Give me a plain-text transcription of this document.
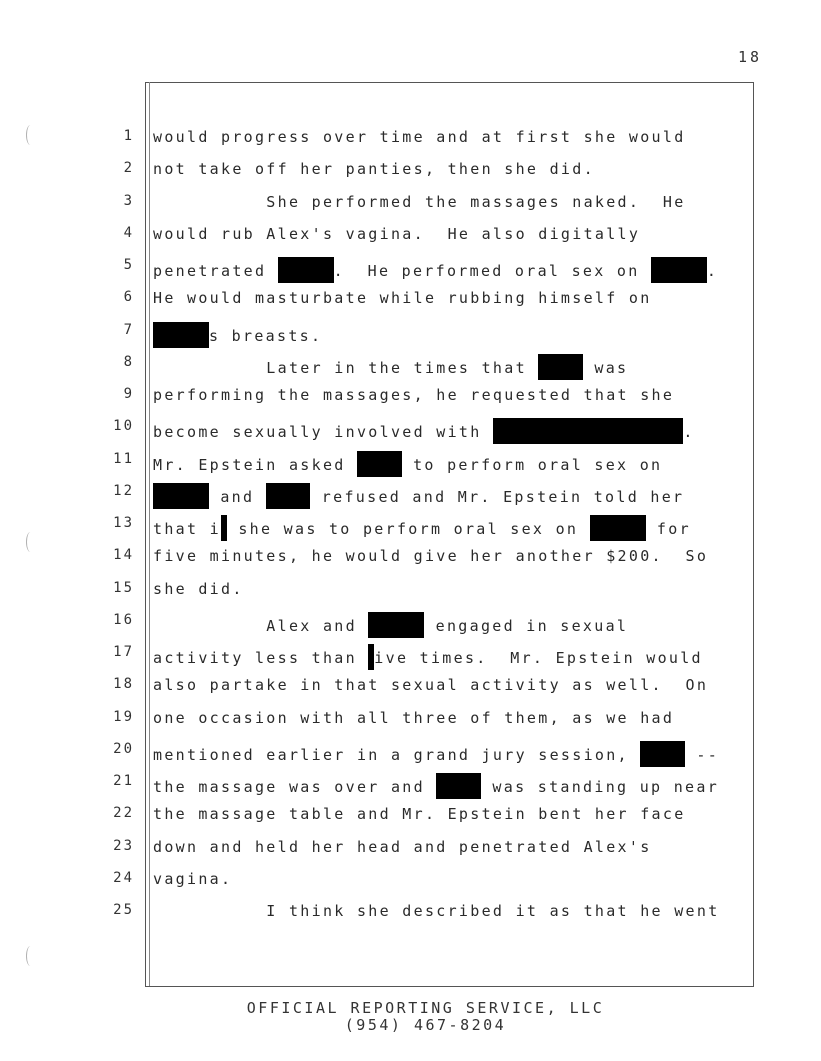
18
1 would progress over time and at first she would
2 not take off her panties, then she did.
3 She performed the massages naked.  He
4 would rub Alex's vagina.  He also digitally
5 penetrated	.  He performed oral sex on	.
6 He would masturbate while rubbing himself on
7	s breasts.
8 Later in the times that	was
9 performing the massages, he requested that she
10 become sexually involved with	.
11 Mr. Epstein asked	to perform oral sex on
12	and	refused and Mr. Epstein told her
13 that i she was to perform oral sex on	for
14 five minutes, he would give her another $200.  So
15 she did.
16 Alex and	engaged in sexual
17 activity less than ive times.  Mr. Epstein would
18 also partake in that sexual activity as well.  On
19 one occasion with all three of them, as we had
20 mentioned earlier in a grand jury session,	--
21 the massage was over and	was standing up near
22 the massage table and Mr. Epstein bent her face
23 down and held her head and penetrated Alex's
24 vagina.
25 I think she described it as that he went
OFFICIAL REPORTING SERVICE, LLC
(954) 467-8204
